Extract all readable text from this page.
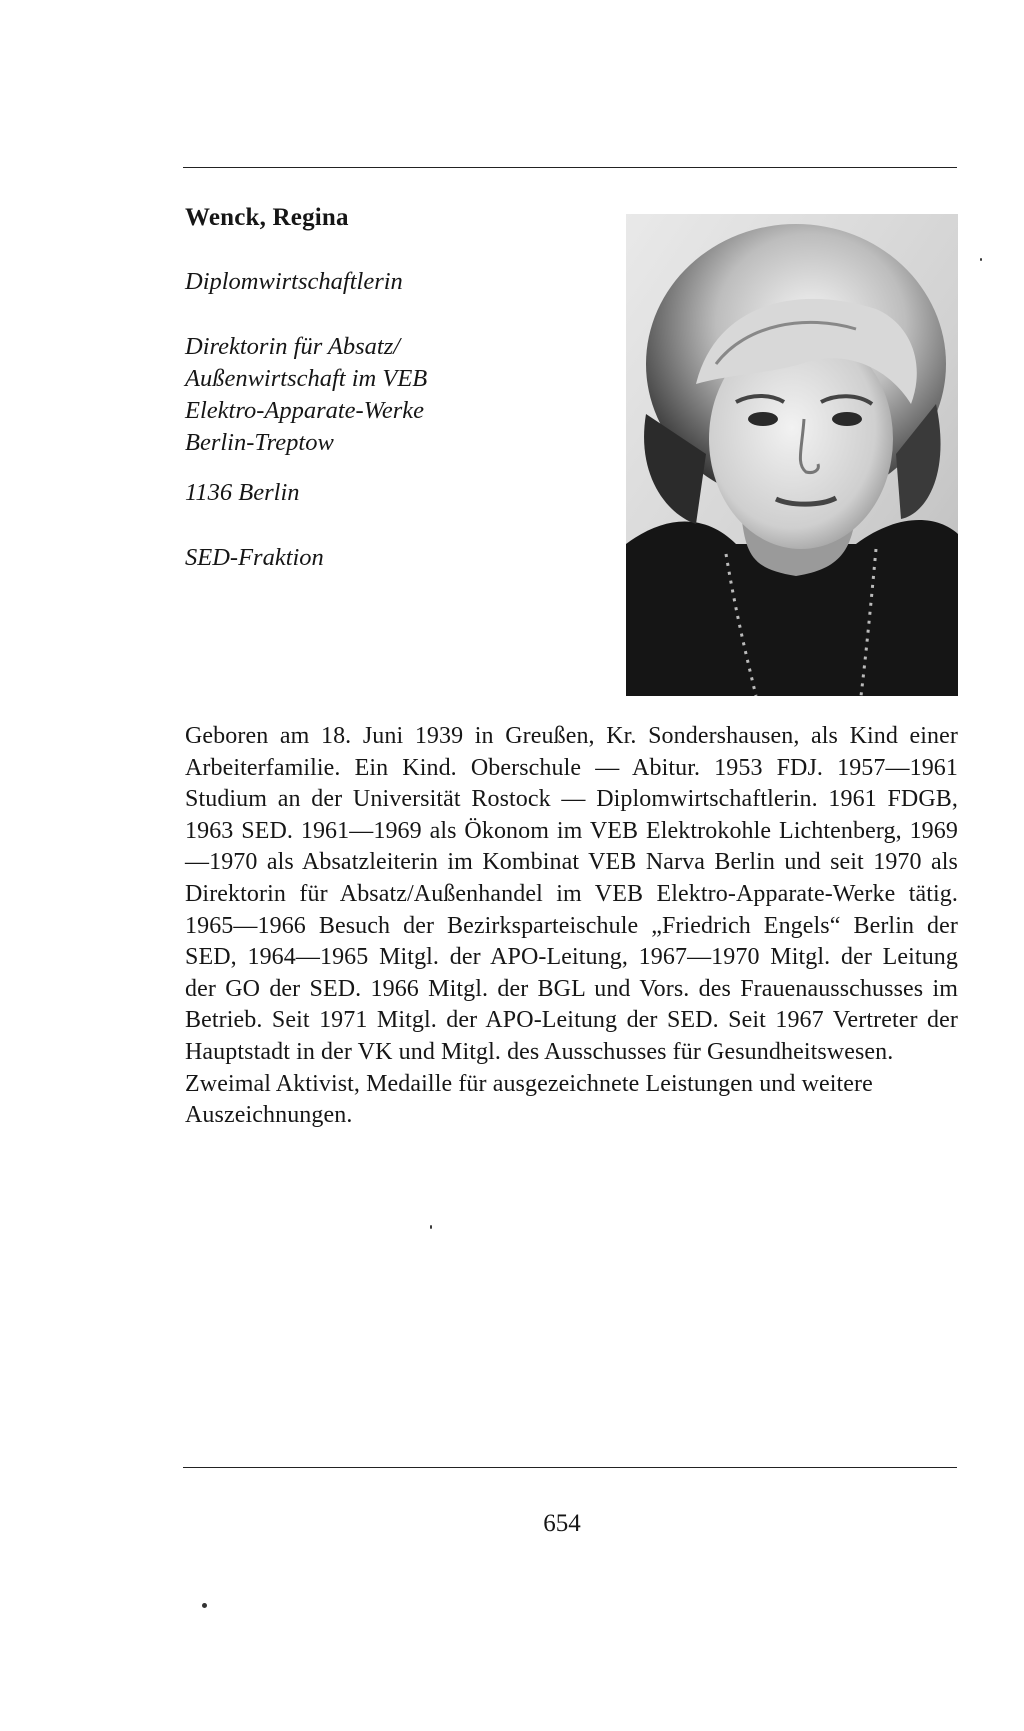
Wenck, Regina
Diplomwirtschaftlerin
Direktorin für Absatz/
Außenwirtschaft im VEB
Elektro-Apparate-Werke
Berlin-Treptow
1136 Berlin
SED-Fraktion

Geboren am 18. Juni 1939 in Greußen, Kr. Sondershausen, als Kind einer Arbeiterfamilie. Ein Kind. Oberschule — Abitur. 1953 FDJ. 1957—1961 Studium an der Universität Rostock — Diplomwirtschaftlerin. 1961 FDGB, 1963 SED. 1961—1969 als Ökonom im VEB Elektrokohle Lichtenberg, 1969—1970 als Absatzleiterin im Kombinat VEB Narva Berlin und seit 1970 als Direktorin für Absatz/Außenhandel im VEB Elektro-Apparate-Werke tätig. 1965—1966 Besuch der Bezirksparteischule „Friedrich Engels“ Berlin der SED, 1964—1965 Mitgl. der APO-Leitung, 1967—1970 Mitgl. der Leitung der GO der SED. 1966 Mitgl. der BGL und Vors. des Frauenausschusses im Betrieb. Seit 1971 Mitgl. der APO-Leitung der SED. Seit 1967 Vertreter der Hauptstadt in der VK und Mitgl. des Ausschusses für Gesundheitswesen.

Zweimal Aktivist, Medaille für ausgezeichnete Leistungen und weitere Auszeichnungen.

654
